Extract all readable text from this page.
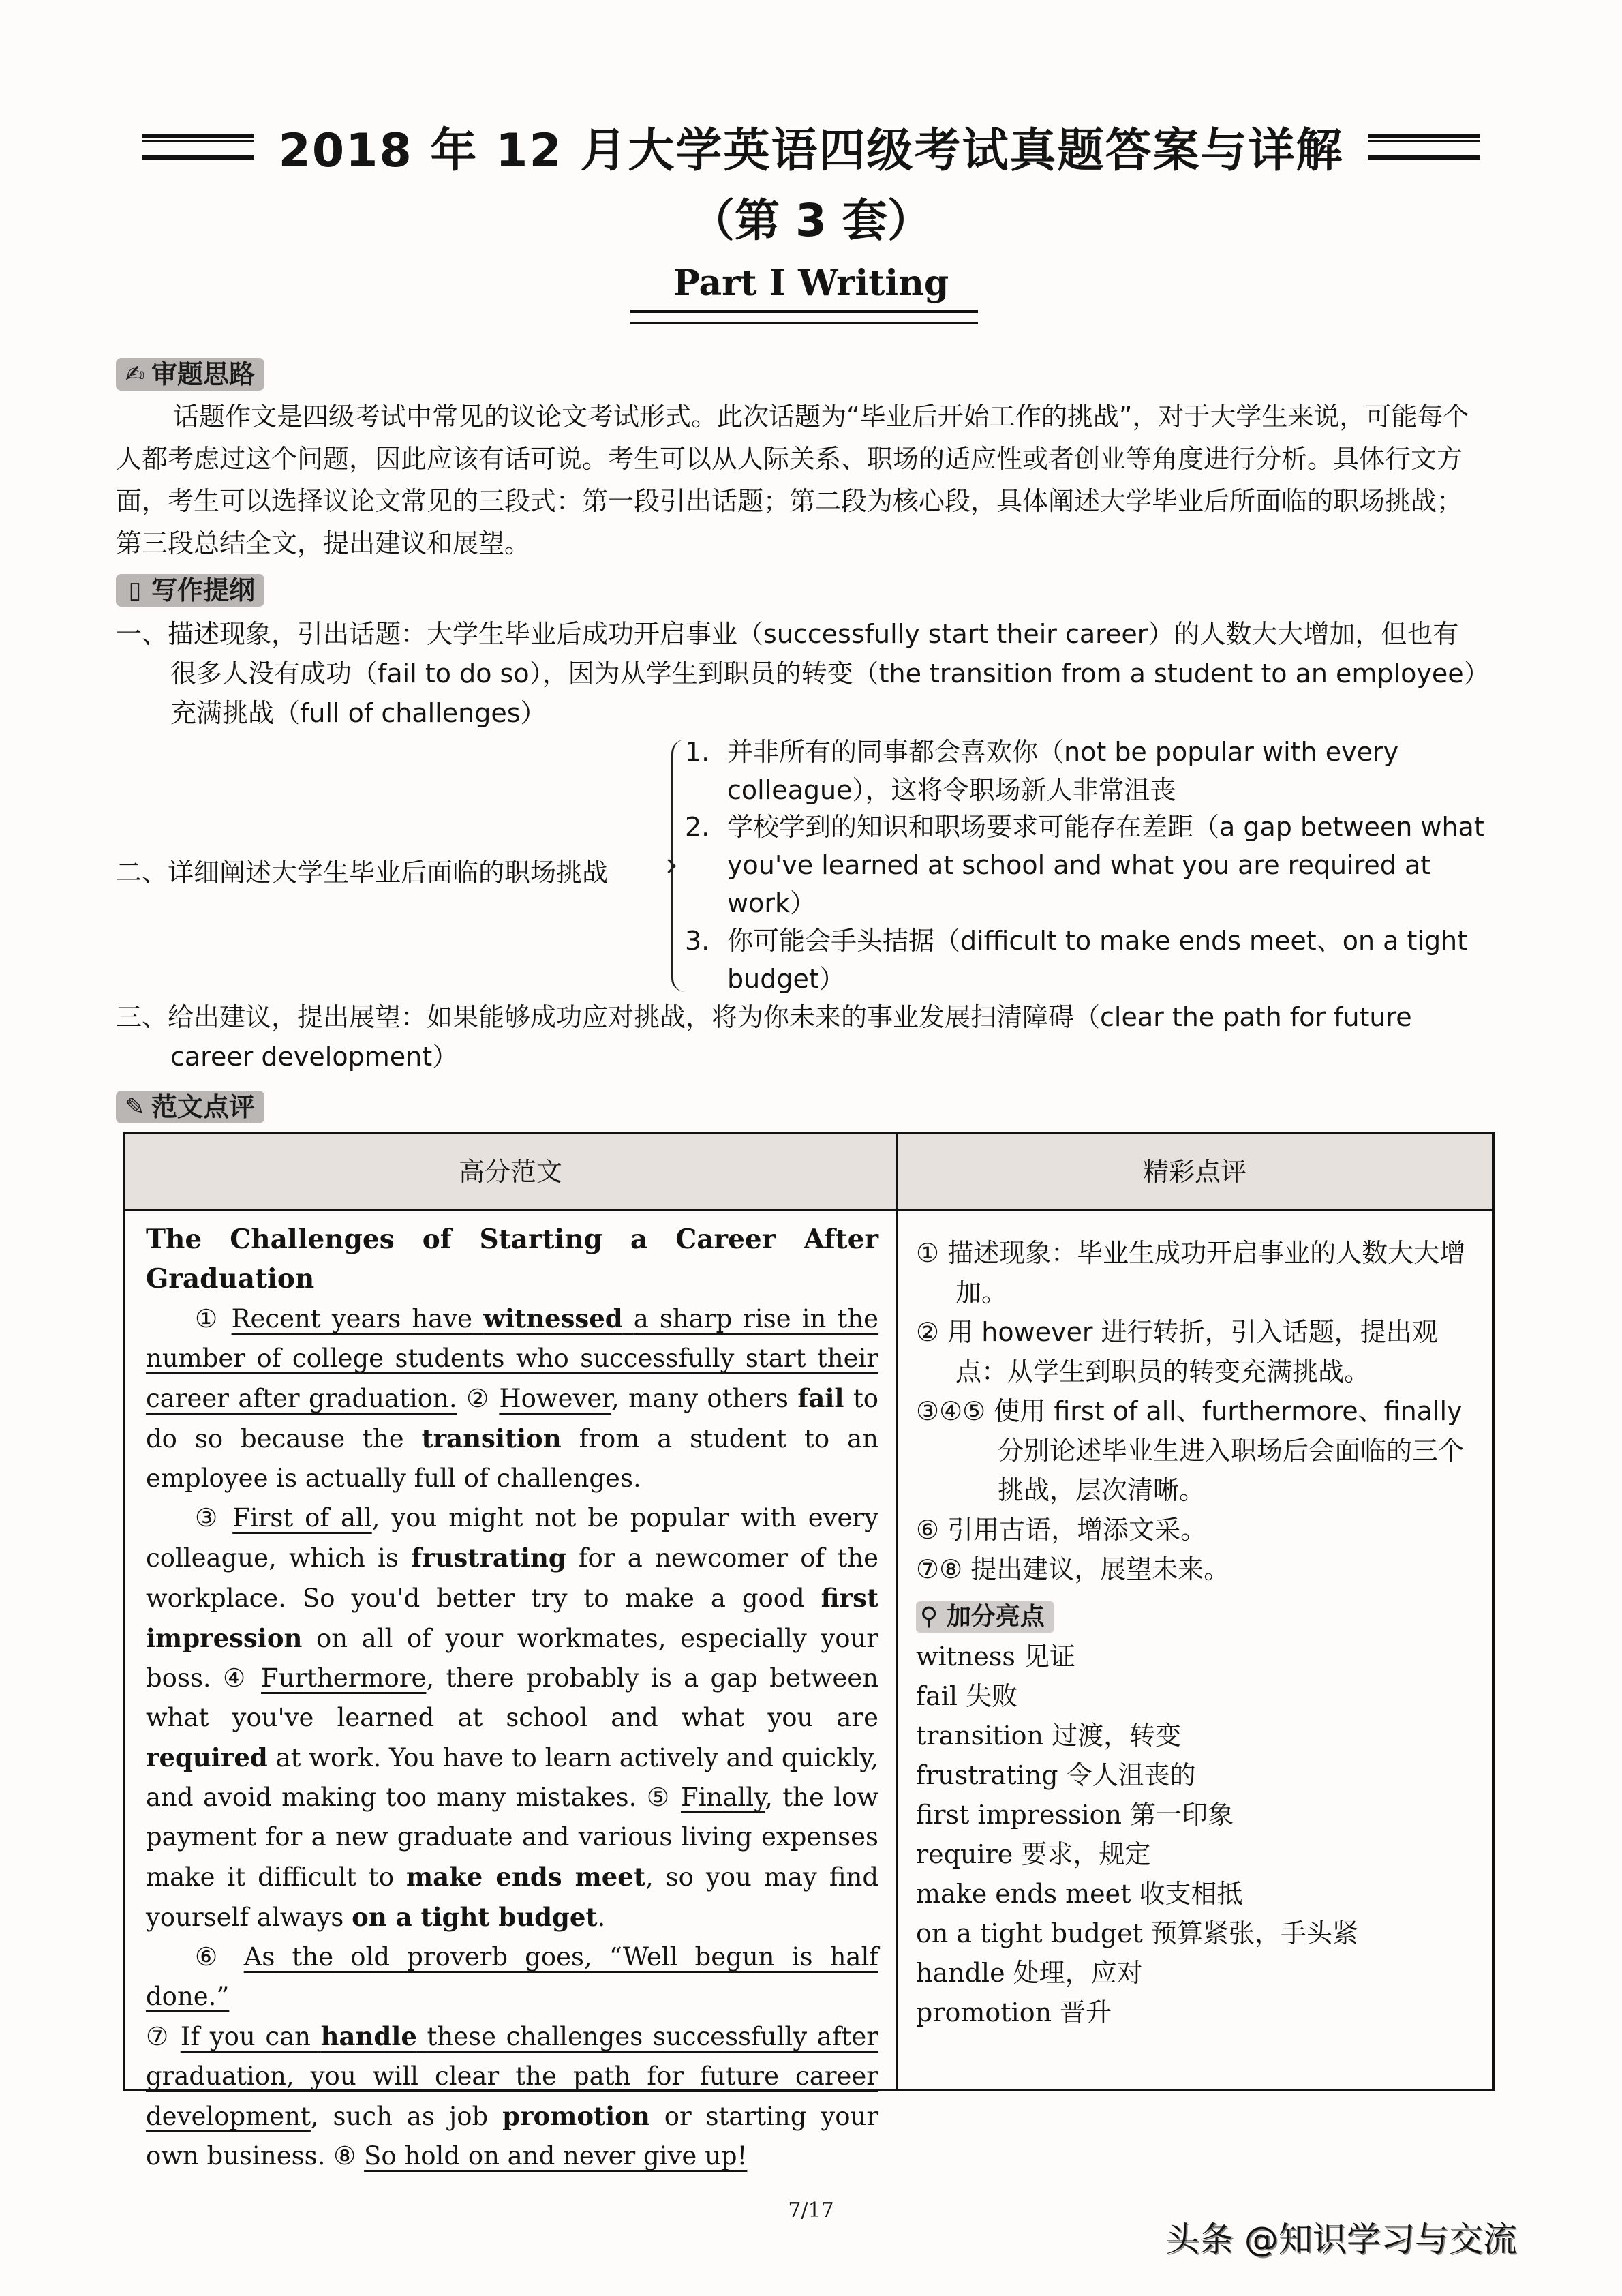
2018 年 12 月大学英语四级考试真题答案与详解
（第 3 套）
Part I Writing
✍ 审题思路
话题作文是四级考试中常见的议论文考试形式。此次话题为“毕业后开始工作的挑战”，对于大学生来说，可能每个人都考虑过这个问题，因此应该有话可说。考生可以从人际关系、职场的适应性或者创业等角度进行分析。具体行文方面，考生可以选择议论文常见的三段式：第一段引出话题；第二段为核心段，具体阐述大学毕业后所面临的职场挑战；第三段总结全文，提出建议和展望。
▯ 写作提纲
一、描述现象，引出话题：大学生毕业后成功开启事业（successfully start their career）的人数大大增加，但也有
很多人没有成功（fail to do so），因为从学生到职员的转变（the transition from a student to an employee）
充满挑战（full of challenges）
二、详细阐述大学生毕业后面临的职场挑战
1. 并非所有的同事都会喜欢你（not be popular with every colleague），这将令职场新人非常沮丧
2. 学校学到的知识和职场要求可能存在差距（a gap between what you've learned at school and what you are required at work）
3. 你可能会手头拮据（difficult to make ends meet、on a tight budget）
三、给出建议，提出展望：如果能够成功应对挑战，将为你未来的事业发展扫清障碍（clear the path for future
career development）
✎ 范文点评
高分范文	精彩点评
The Challenges of Starting a Career After Graduation

① Recent years have witnessed a sharp rise in the number of college students who successfully start their career after graduation. ② However, many others fail to do so because the transition from a student to an employee is actually full of challenges.

③ First of all, you might not be popular with every colleague, which is frustrating for a newcomer of the workplace. So you'd better try to make a good first impression on all of your workmates, especially your boss. ④ Furthermore, there probably is a gap between what you've learned at school and what you are required at work. You have to learn actively and quickly, and avoid making too many mistakes. ⑤ Finally, the low payment for a new graduate and various living expenses make it difficult to make ends meet, so you may find yourself always on a tight budget.

⑥ As the old proverb goes, “Well begun is half done.”

⑦ If you can handle these challenges successfully after graduation, you will clear the path for future career development, such as job promotion or starting your own business. ⑧ So hold on and never give up!

① 描述现象：毕业生成功开启事业的人数大大增加。
② 用 however 进行转折，引入话题，提出观点：从学生到职员的转变充满挑战。
③④⑤ 使用 first of all、furthermore、finally 分别论述毕业生进入职场后会面临的三个挑战，层次清晰。
⑥ 引用古语，增添文采。
⑦⑧ 提出建议，展望未来。
⚲ 加分亮点
witness 见证
fail 失败
transition 过渡，转变
frustrating 令人沮丧的
first impression 第一印象
require 要求，规定
make ends meet 收支相抵
on a tight budget 预算紧张，手头紧
handle 处理，应对
promotion 晋升
7/17
头条 @知识学习与交流
